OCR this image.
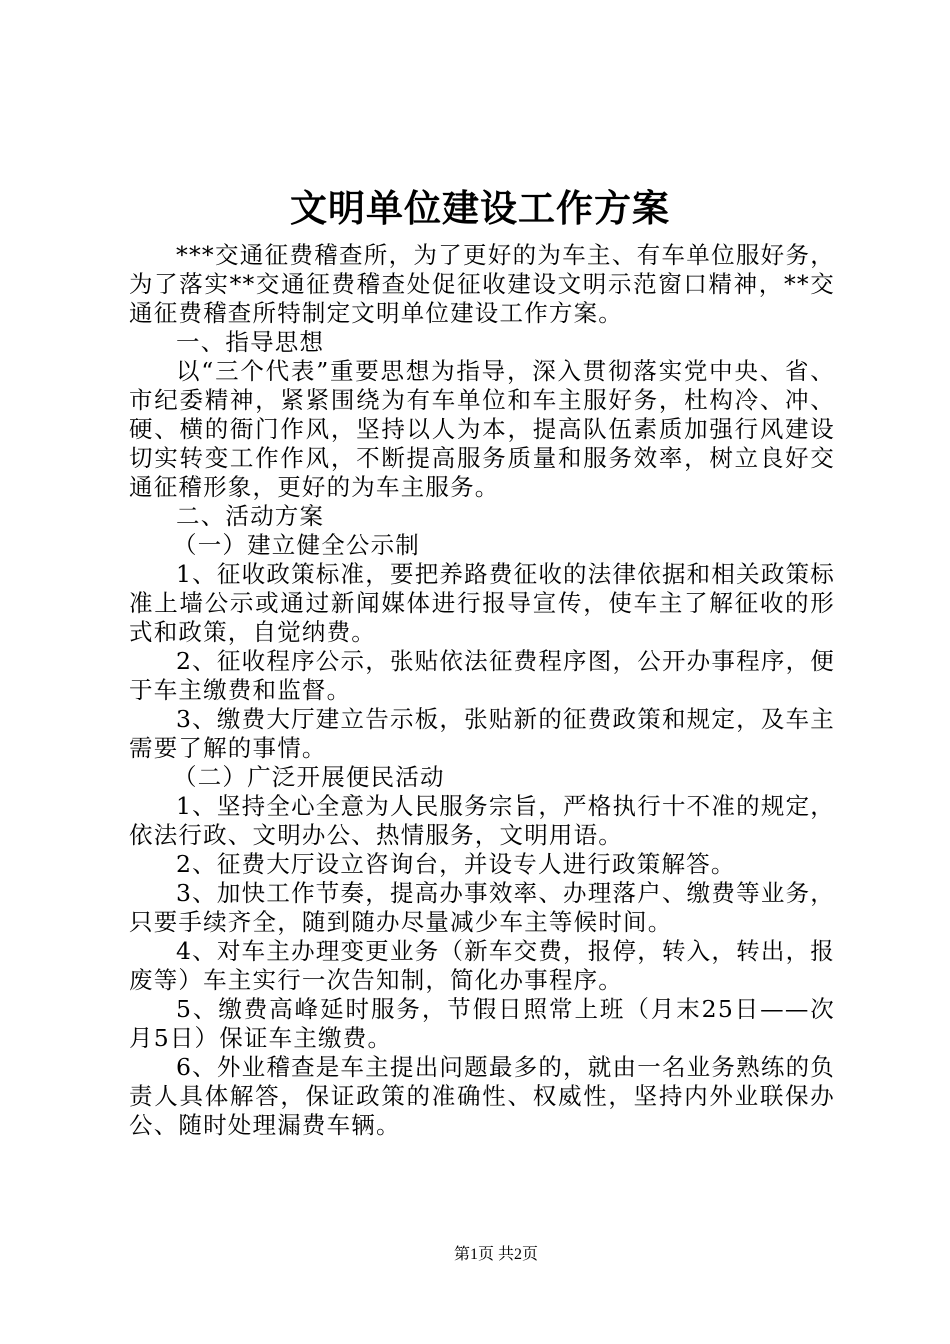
文明单位建设工作方案

***交通征费稽查所，为了更好的为车主、有车单位服好务，为了落实**交通征费稽查处促征收建设文明示范窗口精神，**交通征费稽查所特制定文明单位建设工作方案。

一、指导思想

以“三个代表”重要思想为指导，深入贯彻落实党中央、省、市纪委精神，紧紧围绕为有车单位和车主服好务，杜构冷、冲、硬、横的衙门作风，坚持以人为本，提高队伍素质加强行风建设切实转变工作作风，不断提高服务质量和服务效率，树立良好交通征稽形象，更好的为车主服务。

二、活动方案

（一）建立健全公示制

1、征收政策标准，要把养路费征收的法律依据和相关政策标准上墙公示或通过新闻媒体进行报导宣传，使车主了解征收的形式和政策，自觉纳费。

2、征收程序公示，张贴依法征费程序图，公开办事程序，便于车主缴费和监督。

3、缴费大厅建立告示板，张贴新的征费政策和规定，及车主需要了解的事情。

（二）广泛开展便民活动

1、坚持全心全意为人民服务宗旨，严格执行十不准的规定，依法行政、文明办公、热情服务，文明用语。

2、征费大厅设立咨询台，并设专人进行政策解答。

3、加快工作节奏，提高办事效率、办理落户、缴费等业务，只要手续齐全，随到随办尽量减少车主等候时间。

4、对车主办理变更业务（新车交费，报停，转入，转出，报废等）车主实行一次告知制，简化办事程序。

5、缴费高峰延时服务，节假日照常上班（月末25日——次月5日）保证车主缴费。

6、外业稽查是车主提出问题最多的，就由一名业务熟练的负责人具体解答，保证政策的准确性、权威性，坚持内外业联保办公、随时处理漏费车辆。

第1页 共2页
